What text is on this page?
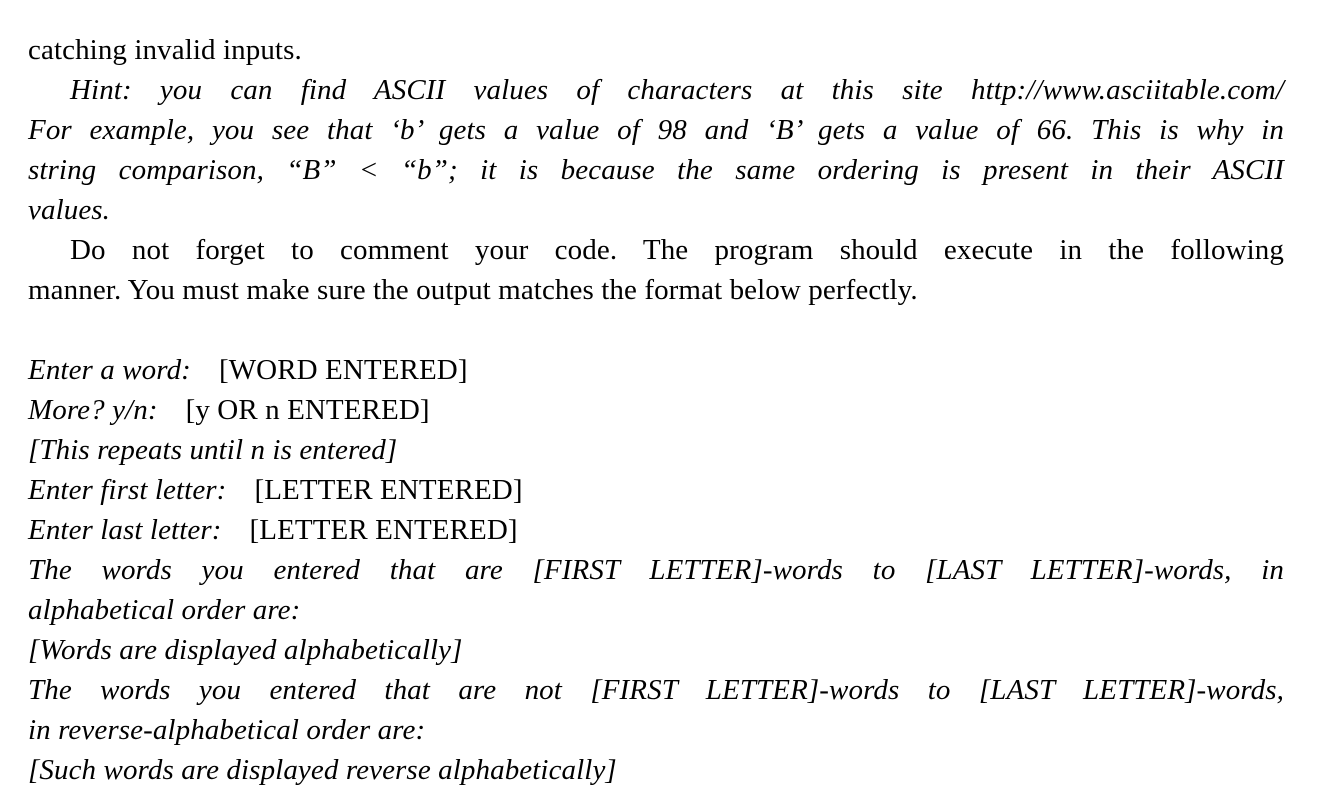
catching invalid inputs.
Hint: you can find ASCII values of characters at this site http://www.asciitable.com/
For example, you see that ‘b’ gets a value of 98 and ‘B’ gets a value of 66. This is why in
string comparison, “B” < “b”; it is because the same ordering is present in their ASCII
values.
Do not forget to comment your code. The program should execute in the following
manner. You must make sure the output matches the format below perfectly.
Enter a word: [WORD ENTERED]
More? y/n: [y OR n ENTERED]
[This repeats until n is entered]
Enter first letter: [LETTER ENTERED]
Enter last letter: [LETTER ENTERED]
The words you entered that are [FIRST LETTER]-words to [LAST LETTER]-words, in
alphabetical order are:
[Words are displayed alphabetically]
The words you entered that are not [FIRST LETTER]-words to [LAST LETTER]-words,
in reverse-alphabetical order are:
[Such words are displayed reverse alphabetically]
